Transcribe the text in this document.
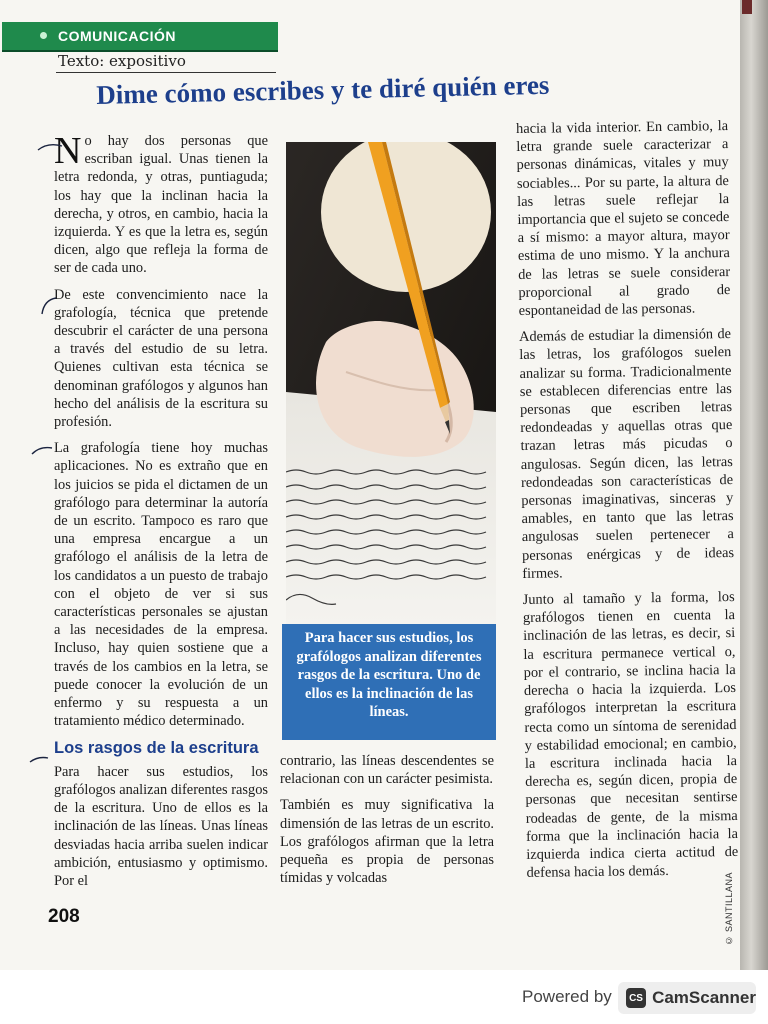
COMUNICACIÓN
Texto: expositivo
Dime cómo escribes y te diré quién eres

No hay dos personas que escriban igual. Unas tienen la letra redonda, y otras, puntiaguda; los hay que la inclinan hacia la derecha, y otros, en cambio, hacia la izquierda. Y es que la letra es, según dicen, algo que refleja la forma de ser de cada uno.

De este convencimiento nace la grafología, técnica que pretende descubrir el carácter de una persona a través del estudio de su letra. Quienes cultivan esta técnica se denominan grafólogos y algunos han hecho del análisis de la escritura su profesión.

La grafología tiene hoy muchas aplicaciones. No es extraño que en los juicios se pida el dictamen de un grafólogo para determinar la autoría de un escrito. Tampoco es raro que una empresa encargue a un grafólogo el análisis de la letra de los candidatos a un puesto de trabajo con el objeto de ver si sus características personales se ajustan a las necesidades de la empresa. Incluso, hay quien sostiene que a través de los cambios en la letra, se puede conocer la evolución de un enfermo y su respuesta a un tratamiento médico determinado.

Los rasgos de la escritura

Para hacer sus estudios, los grafólogos analizan diferentes rasgos de la escritura. Uno de ellos es la inclinación de las líneas. Unas líneas desviadas hacia arriba suelen indicar ambición, entusiasmo y optimismo. Por el

Para hacer sus estudios, los grafólogos analizan diferentes rasgos de la escritura. Uno de ellos es la inclinación de las líneas.

contrario, las líneas descendentes se relacionan con un carácter pesimista.

También es muy significativa la dimensión de las letras de un escrito. Los grafólogos afirman que la letra pequeña es propia de personas tímidas y volcadas

hacia la vida interior. En cambio, la letra grande suele caracterizar a personas dinámicas, vitales y muy sociables... Por su parte, la altura de las letras suele reflejar la importancia que el sujeto se concede a sí mismo: a mayor altura, mayor estima de uno mismo. Y la anchura de las letras se suele considerar proporcional al grado de espontaneidad de las personas.

Además de estudiar la dimensión de las letras, los grafólogos suelen analizar su forma. Tradicionalmente se establecen diferencias entre las personas que escriben letras redondeadas y aquellas otras que trazan letras más picudas o angulosas. Según dicen, las letras redondeadas son características de personas imaginativas, sinceras y amables, en tanto que las letras angulosas suelen pertenecer a personas enérgicas y de ideas firmes.

Junto al tamaño y la forma, los grafólogos tienen en cuenta la inclinación de las letras, es decir, si la escritura permanece vertical o, por el contrario, se inclina hacia la derecha o hacia la izquierda. Los grafólogos interpretan la escritura recta como un síntoma de serenidad y estabilidad emocional; en cambio, la escritura inclinada hacia la derecha es, según dicen, propia de personas que necesitan sentirse rodeadas de gente, de la misma forma que la inclinación hacia la izquierda indica cierta actitud de defensa hacia los demás.

208	© SANTILLANA
Powered by	CS CamScanner
